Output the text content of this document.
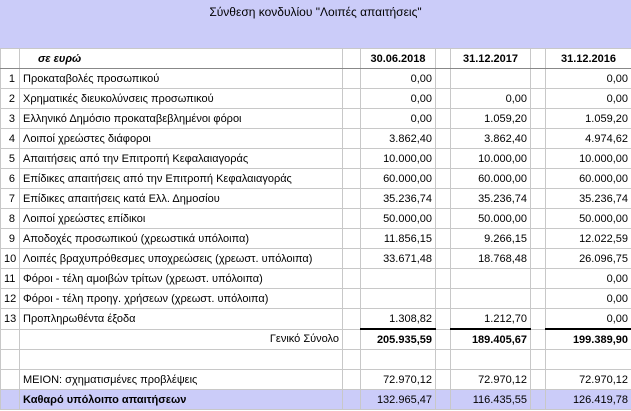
Σύνθεση κονδυλίου "Λοιπές απαιτήσεις"
	σε ευρώ		30.06.2018		31.12.2017		31.12.2016
1	Προκαταβολές προσωπικού		0,00				0,00
2	Χρηματικές διευκολύνσεις προσωπικού		0,00		0,00		0,00
3	Ελληνικό Δημόσιο προκαταβεβλημένοι φόροι		0,00		1.059,20		1.059,20
4	Λοιποί χρεώστες διάφοροι		3.862,40		3.862,40		4.974,62
5	Απαιτήσεις από την Επιτροπή Κεφαλαιαγοράς		10.000,00		10.000,00		10.000,00
6	Επίδικες απαιτήσεις από την Επιτροπή Κεφαλαιαγοράς		60.000,00		60.000,00		60.000,00
7	Επίδικες απαιτήσεις κατά Ελλ. Δημοσίου		35.236,74		35.236,74		35.236,74
8	Λοιποί χρεώστες επίδικοι		50.000,00		50.000,00		50.000,00
9	Αποδοχές προσωπικού (χρεωστικά υπόλοιπα)		11.856,15		9.266,15		12.022,59
10	Λοιπές βραχυπρόθεσμες υποχρεώσεις (χρεωστ. υπόλοιπα)		33.671,48		18.768,48		26.096,75
11	Φόροι - τέλη αμοιβών τρίτων (χρεωστ. υπόλοιπα)						0,00
12	Φόροι - τέλη προηγ. χρήσεων (χρεωστ. υπόλοιπα)						0,00
13	Προπληρωθέντα έξοδα		1.308,82		1.212,70		0,00
	Γενικό Σύνολο		205.935,59		189.405,67		199.389,90

	ΜΕΙΟΝ: σχηματισμένες προβλέψεις		72.970,12		72.970,12		72.970,12
	Καθαρό υπόλοιπο απαιτήσεων		132.965,47		116.435,55		126.419,78
